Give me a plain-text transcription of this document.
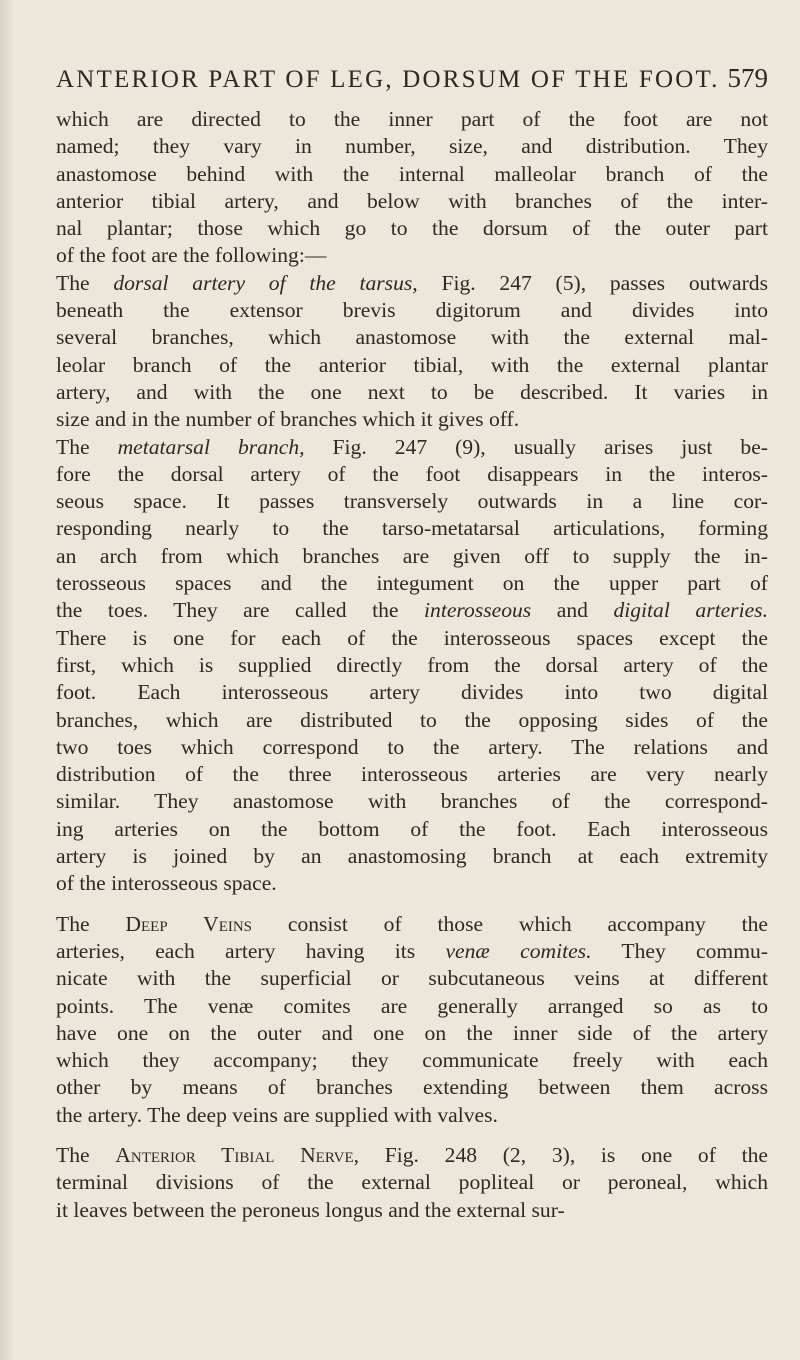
ANTERIOR PART OF LEG, DORSUM OF THE FOOT. 579
which are directed to the inner part of the foot are not
named; they vary in number, size, and distribution. They
anastomose behind with the internal malleolar branch of the
anterior tibial artery, and below with branches of the inter-
nal plantar; those which go to the dorsum of the outer part
of the foot are the following:—
The dorsal artery of the tarsus, Fig. 247 (5), passes outwards
beneath the extensor brevis digitorum and divides into
several branches, which anastomose with the external mal-
leolar branch of the anterior tibial, with the external plantar
artery, and with the one next to be described. It varies in
size and in the number of branches which it gives off.
The metatarsal branch, Fig. 247 (9), usually arises just be-
fore the dorsal artery of the foot disappears in the interos-
seous space. It passes transversely outwards in a line cor-
responding nearly to the tarso-metatarsal articulations, forming
an arch from which branches are given off to supply the in-
terosseous spaces and the integument on the upper part of
the toes. They are called the interosseous and digital arteries.
There is one for each of the interosseous spaces except the
first, which is supplied directly from the dorsal artery of the
foot. Each interosseous artery divides into two digital
branches, which are distributed to the opposing sides of the
two toes which correspond to the artery. The relations and
distribution of the three interosseous arteries are very nearly
similar. They anastomose with branches of the correspond-
ing arteries on the bottom of the foot. Each interosseous
artery is joined by an anastomosing branch at each extremity
of the interosseous space.
The Deep Veins consist of those which accompany the
arteries, each artery having its venæ comites. They commu-
nicate with the superficial or subcutaneous veins at different
points. The venæ comites are generally arranged so as to
have one on the outer and one on the inner side of the artery
which they accompany; they communicate freely with each
other by means of branches extending between them across
the artery. The deep veins are supplied with valves.
The Anterior Tibial Nerve, Fig. 248 (2, 3), is one of the
terminal divisions of the external popliteal or peroneal, which
it leaves between the peroneus longus and the external sur-
